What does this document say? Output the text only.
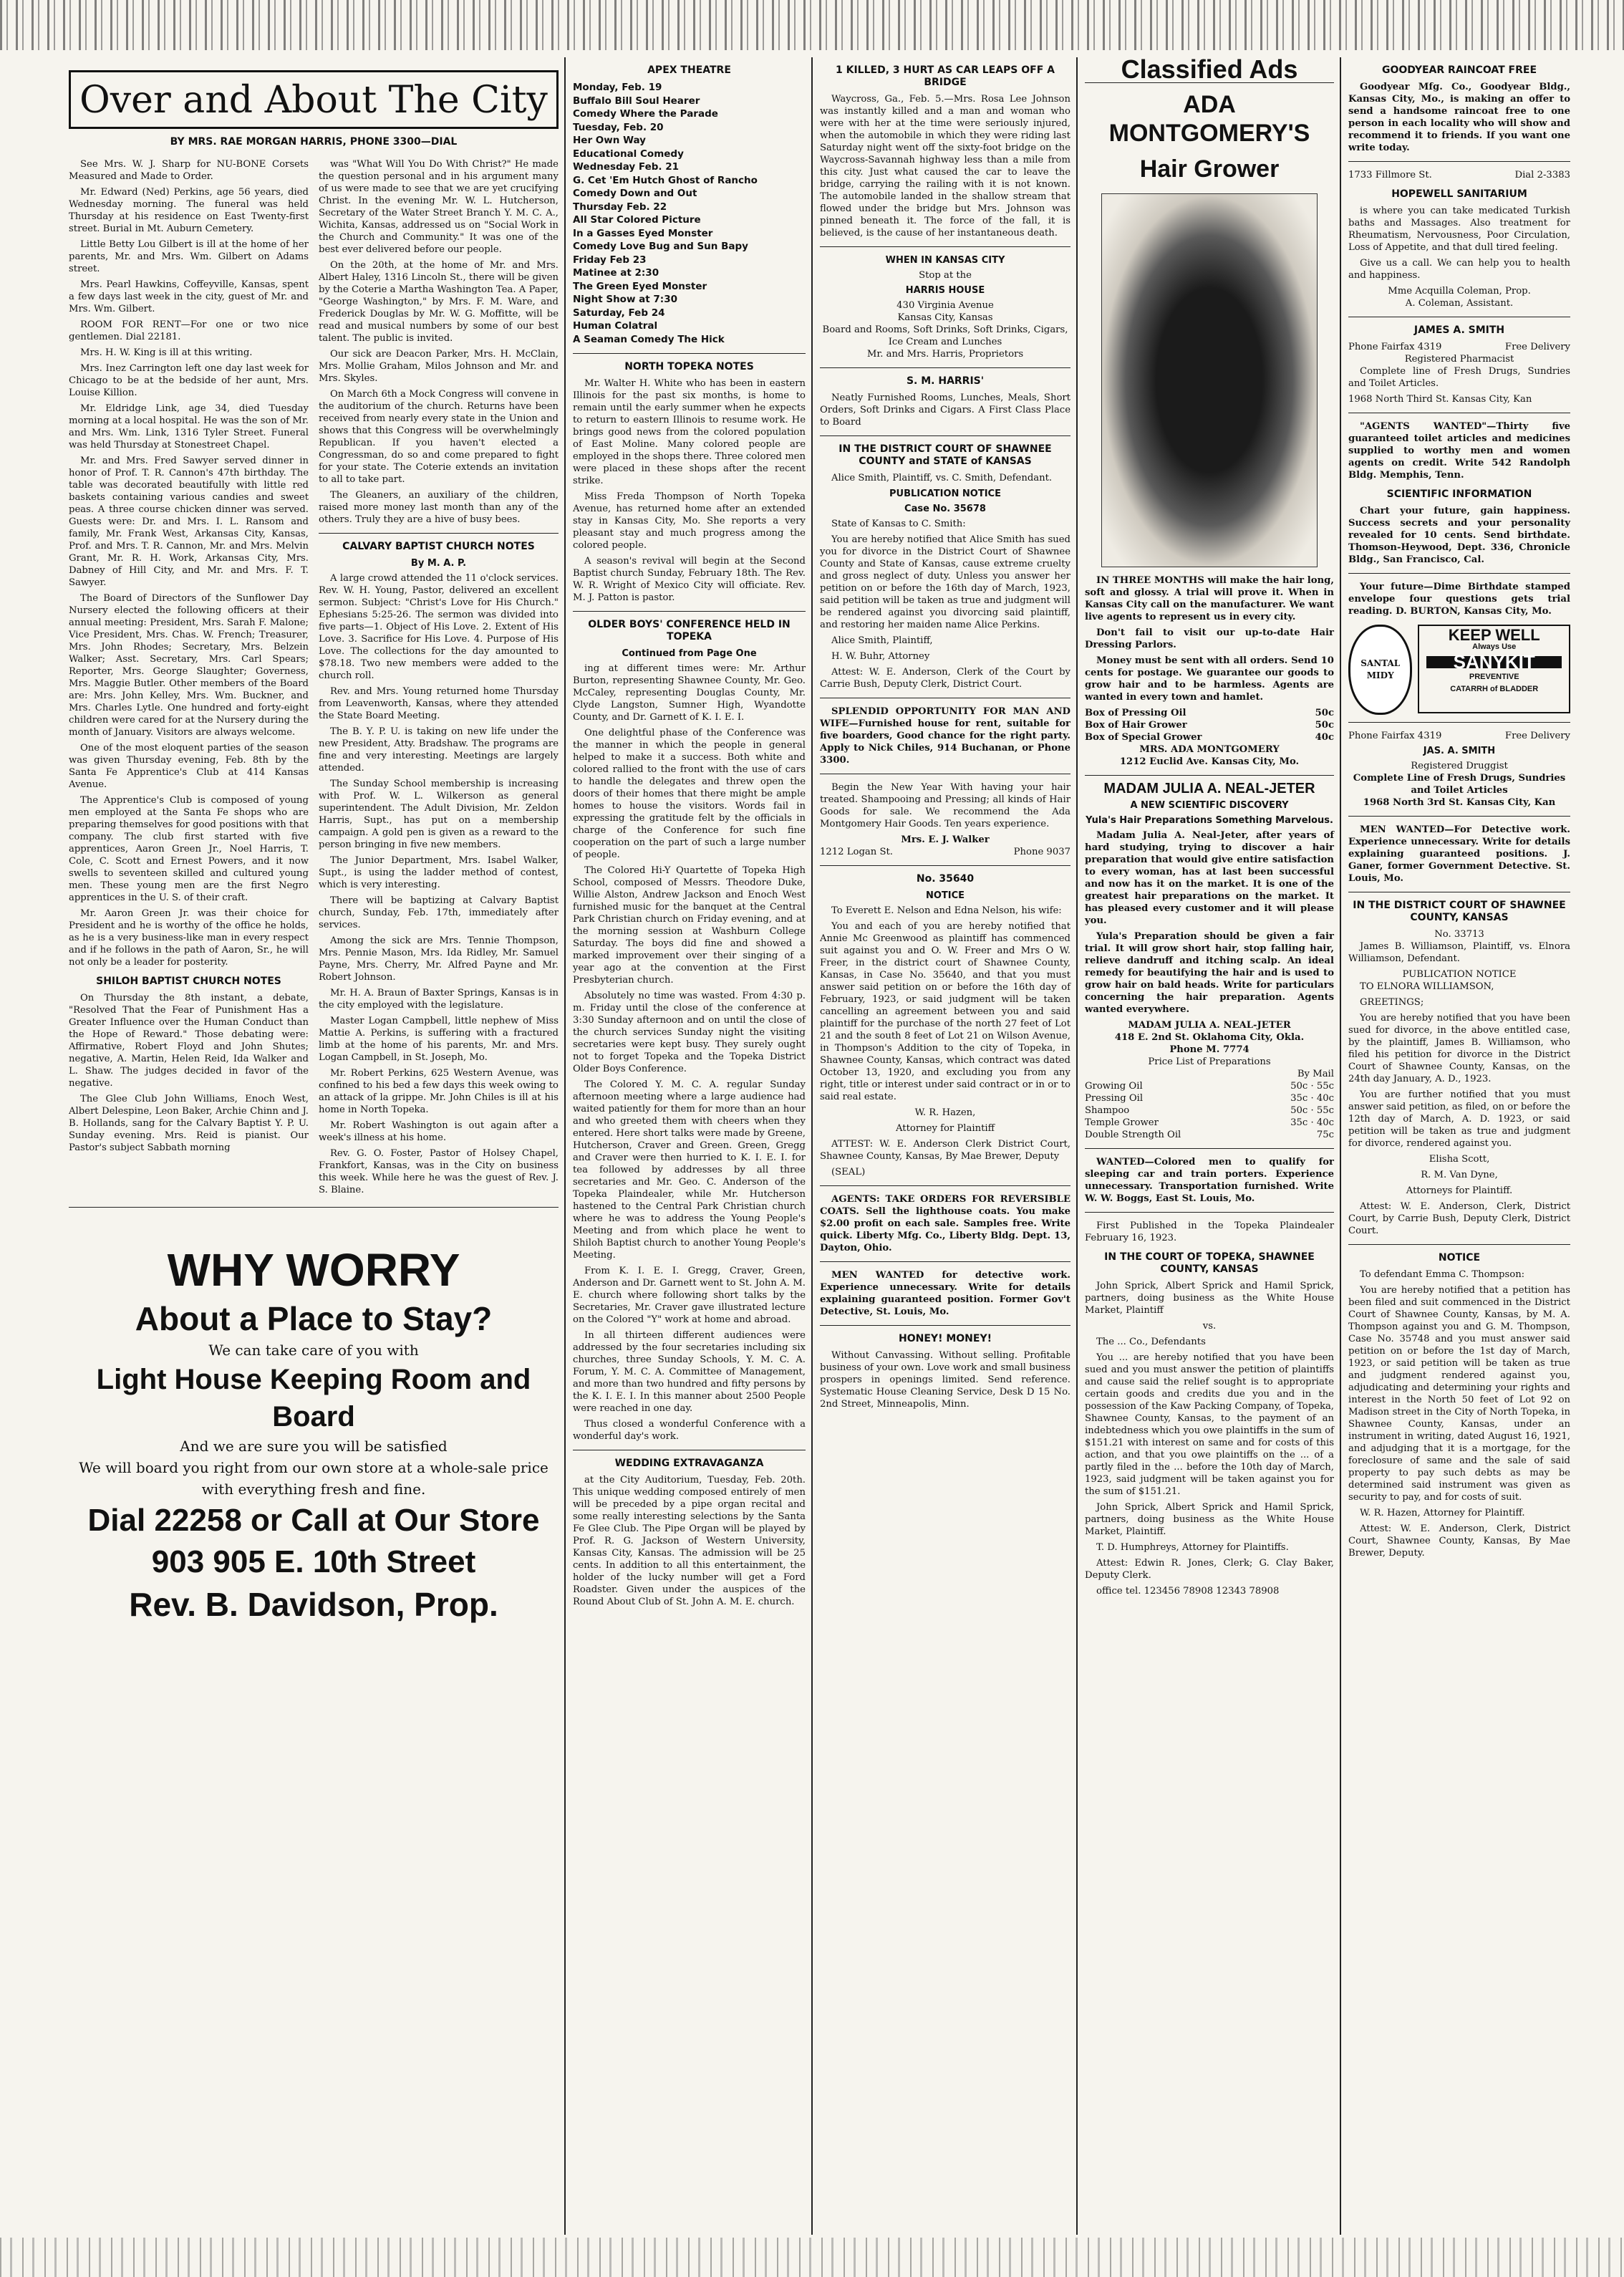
Over and About The City
BY MRS. RAE MORGAN HARRIS, PHONE 3300—DIAL

See Mrs. W. J. Sharp for NU-BONE Corsets Measured and Made to Order.

Mr. Edward (Ned) Perkins, age 56 years, died Wednesday morning. The funeral was held Thursday at his residence on East Twenty-first street. Burial in Mt. Auburn Cemetery.

Little Betty Lou Gilbert is ill at the home of her parents, Mr. and Mrs. Wm. Gilbert on Adams street.

Mrs. Pearl Hawkins, Coffeyville, Kansas, spent a few days last week in the city, guest of Mr. and Mrs. Wm. Gilbert.

ROOM FOR RENT—For one or two nice gentlemen. Dial 22181.

Mrs. H. W. King is ill at this writing.

Mrs. Inez Carrington left one day last week for Chicago to be at the bedside of her aunt, Mrs. Louise Killion.

Mr. Eldridge Link, age 34, died Tuesday morning at a local hospital. He was the son of Mr. and Mrs. Wm. Link, 1316 Tyler Street. Funeral was held Thursday at Stonestreet Chapel.

Mr. and Mrs. Fred Sawyer served dinner in honor of Prof. T. R. Cannon's 47th birthday. The table was decorated beautifully with little red baskets containing various candies and sweet peas. A three course chicken dinner was served. Guests were: Dr. and Mrs. I. L. Ransom and family, Mr. Frank West, Arkansas City, Kansas, Prof. and Mrs. T. R. Cannon, Mr. and Mrs. Melvin Grant, Mr. R. H. Work, Arkansas City, Mrs. Dabney of Hill City, and Mr. and Mrs. F. T. Sawyer.

The Board of Directors of the Sunflower Day Nursery elected the following officers at their annual meeting: President, Mrs. Sarah F. Malone; Vice President, Mrs. Chas. W. French; Treasurer, Mrs. John Rhodes; Secretary, Mrs. Belzein Walker; Asst. Secretary, Mrs. Carl Spears; Reporter, Mrs. George Slaughter; Governess, Mrs. Maggie Butler. Other members of the Board are: Mrs. John Kelley, Mrs. Wm. Buckner, and Mrs. Charles Lytle. One hundred and forty-eight children were cared for at the Nursery during the month of January. Visitors are always welcome.

One of the most eloquent parties of the season was given Thursday evening, Feb. 8th by the Santa Fe Apprentice's Club at 414 Kansas Avenue.

The Apprentice's Club is composed of young men employed at the Santa Fe shops who are preparing themselves for good positions with that company. The club first started with five apprentices, Aaron Green Jr., Noel Harris, T. Cole, C. Scott and Ernest Powers, and it now swells to seventeen skilled and cultured young men. These young men are the first Negro apprentices in the U. S. of their craft.

Mr. Aaron Green Jr. was their choice for President and he is worthy of the office he holds, as he is a very business-like man in every respect and if he follows in the path of Aaron, Sr., he will not only be a leader for posterity.

SHILOH BAPTIST CHURCH NOTES

On Thursday the 8th instant, a debate, "Resolved That the Fear of Punishment Has a Greater Influence over the Human Conduct than the Hope of Reward." Those debating were: Affirmative, Robert Floyd and John Shutes; negative, A. Martin, Helen Reid, Ida Walker and L. Shaw. The judges decided in favor of the negative.

The Glee Club John Williams, Enoch West, Albert Delespine, Leon Baker, Archie Chinn and J. B. Hollands, sang for the Calvary Baptist Y. P. U. Sunday evening. Mrs. Reid is pianist. Our Pastor's subject Sabbath morning

was "What Will You Do With Christ?" He made the question personal and in his argument many of us were made to see that we are yet crucifying Christ. In the evening Mr. W. L. Hutcherson, Secretary of the Water Street Branch Y. M. C. A., Wichita, Kansas, addressed us on "Social Work in the Church and Community." It was one of the best ever delivered before our people.

On the 20th, at the home of Mr. and Mrs. Albert Haley, 1316 Lincoln St., there will be given by the Coterie a Martha Washington Tea. A Paper, "George Washington," by Mrs. F. M. Ware, and Frederick Douglas by Mr. W. G. Moffitte, will be read and musical numbers by some of our best talent. The public is invited.

Our sick are Deacon Parker, Mrs. H. McClain, Mrs. Mollie Graham, Milos Johnson and Mr. and Mrs. Skyles.

On March 6th a Mock Congress will convene in the auditorium of the church. Returns have been received from nearly every state in the Union and shows that this Congress will be overwhelmingly Republican. If you haven't elected a Congressman, do so and come prepared to fight for your state. The Coterie extends an invitation to all to take part.

The Gleaners, an auxiliary of the children, raised more money last month than any of the others. Truly they are a hive of busy bees.

CALVARY BAPTIST CHURCH NOTES
By M. A. P.

A large crowd attended the 11 o'clock services. Rev. W. H. Young, Pastor, delivered an excellent sermon. Subject: "Christ's Love for His Church." Ephesians 5:25-26. The sermon was divided into five parts—1. Object of His Love. 2. Extent of His Love. 3. Sacrifice for His Love. 4. Purpose of His Love. The collections for the day amounted to $78.18. Two new members were added to the church roll.

Rev. and Mrs. Young returned home Thursday from Leavenworth, Kansas, where they attended the State Board Meeting.

The B. Y. P. U. is taking on new life under the new President, Atty. Bradshaw. The programs are fine and very interesting. Meetings are largely attended.

The Sunday School membership is increasing with Prof. W. L. Wilkerson as general superintendent. The Adult Division, Mr. Zeldon Harris, Supt., has put on a membership campaign. A gold pen is given as a reward to the person bringing in five new members.

The Junior Department, Mrs. Isabel Walker, Supt., is using the ladder method of contest, which is very interesting.

There will be baptizing at Calvary Baptist church, Sunday, Feb. 17th, immediately after services.

Among the sick are Mrs. Tennie Thompson, Mrs. Pennie Mason, Mrs. Ida Ridley, Mr. Samuel Payne, Mrs. Cherry, Mr. Alfred Payne and Mr. Robert Johnson.

Mr. H. A. Braun of Baxter Springs, Kansas is in the city employed with the legislature.

Master Logan Campbell, little nephew of Miss Mattie A. Perkins, is suffering with a fractured limb at the home of his parents, Mr. and Mrs. Logan Campbell, in St. Joseph, Mo.

Mr. Robert Perkins, 625 Western Avenue, was confined to his bed a few days this week owing to an attack of la grippe. Mr. John Chiles is ill at his home in North Topeka.

Mr. Robert Washington is out again after a week's illness at his home.

Rev. G. O. Foster, Pastor of Holsey Chapel, Frankfort, Kansas, was in the City on business this week. While here he was the guest of Rev. J. S. Blaine.

WHY WORRY
About a Place to Stay?
We can take care of you with
Light House Keeping Room and Board
And we are sure you will be satisfied
We will board you right from our own store at a whole-sale price with everything fresh and fine.
Dial 22258 or Call at Our Store
903 905 E. 10th Street
Rev. B. Davidson, Prop.
APEX THEATRE
Monday, Feb. 19
Buffalo Bill Soul Hearer
Comedy Where the Parade
Tuesday, Feb. 20
Her Own Way
Educational Comedy
Wednesday Feb. 21
G. Cet 'Em Hutch Ghost of Rancho
Comedy Down and Out
Thursday Feb. 22
All Star Colored Picture
In a Gasses Eyed Monster
Comedy Love Bug and Sun Bapy
Friday Feb 23
Matinee at 2:30
The Green Eyed Monster
Night Show at 7:30
Saturday, Feb 24
Human Colatral
A Seaman Comedy The Hick
NORTH TOPEKA NOTES

Mr. Walter H. White who has been in eastern Illinois for the past six months, is home to remain until the early summer when he expects to return to eastern Illinois to resume work. He brings good news from the colored population of East Moline. Many colored people are employed in the shops there. Three colored men were placed in these shops after the recent strike.

Miss Freda Thompson of North Topeka Avenue, has returned home after an extended stay in Kansas City, Mo. She reports a very pleasant stay and much progress among the colored people.

A season's revival will begin at the Second Baptist church Sunday, February 18th. The Rev. W. R. Wright of Mexico City will officiate. Rev. M. J. Patton is pastor.

OLDER BOYS' CONFERENCE HELD IN TOPEKA
Continued from Page One

ing at different times were: Mr. Arthur Burton, representing Shawnee County, Mr. Geo. McCaley, representing Douglas County, Mr. Clyde Langston, Sumner High, Wyandotte County, and Dr. Garnett of K. I. E. I.

One delightful phase of the Conference was the manner in which the people in general helped to make it a success. Both white and colored rallied to the front with the use of cars to handle the delegates and threw open the doors of their homes that there might be ample homes to house the visitors. Words fail in expressing the gratitude felt by the officials in charge of the Conference for such fine cooperation on the part of such a large number of people.

The Colored Hi-Y Quartette of Topeka High School, composed of Messrs. Theodore Duke, Willie Alston, Andrew Jackson and Enoch West furnished music for the banquet at the Central Park Christian church on Friday evening, and at the morning session at Washburn College Saturday. The boys did fine and showed a marked improvement over their singing of a year ago at the convention at the First Presbyterian church.

Absolutely no time was wasted. From 4:30 p. m. Friday until the close of the conference at 3:30 Sunday afternoon and on until the close of the church services Sunday night the visiting secretaries were kept busy. They surely ought not to forget Topeka and the Topeka District Older Boys Conference.

The Colored Y. M. C. A. regular Sunday afternoon meeting where a large audience had waited patiently for them for more than an hour and who greeted them with cheers when they entered. Here short talks were made by Greene, Hutcherson, Craver and Green. Green, Gregg and Craver were then hurried to K. I. E. I. for tea followed by addresses by all three secretaries and Mr. Geo. C. Anderson of the Topeka Plaindealer, while Mr. Hutcherson hastened to the Central Park Christian church where he was to address the Young People's Meeting and from which place he went to Shiloh Baptist church to another Young People's Meeting.

From K. I. E. I. Gregg, Craver, Green, Anderson and Dr. Garnett went to St. John A. M. E. church where following short talks by the Secretaries, Mr. Craver gave illustrated lecture on the Colored "Y" work at home and abroad.

In all thirteen different audiences were addressed by the four secretaries including six churches, three Sunday Schools, Y. M. C. A. Forum, Y. M. C. A. Committee of Management, and more than two hundred and fifty persons by the K. I. E. I. In this manner about 2500 People were reached in one day.

Thus closed a wonderful Conference with a wonderful day's work.

WEDDING EXTRAVAGANZA

at the City Auditorium, Tuesday, Feb. 20th. This unique wedding composed entirely of men will be preceded by a pipe organ recital and some really interesting selections by the Santa Fe Glee Club. The Pipe Organ will be played by Prof. R. G. Jackson of Western University, Kansas City, Kansas. The admission will be 25 cents. In addition to all this entertainment, the holder of the lucky number will get a Ford Roadster. Given under the auspices of the Round About Club of St. John A. M. E. church.

1 KILLED, 3 HURT AS CAR LEAPS OFF A BRIDGE

Waycross, Ga., Feb. 5.—Mrs. Rosa Lee Johnson was instantly killed and a man and woman who were with her at the time were seriously injured, when the automobile in which they were riding last Saturday night went off the sixty-foot bridge on the Waycross-Savannah highway less than a mile from this city. Just what caused the car to leave the bridge, carrying the railing with it is not known. The automobile landed in the shallow stream that flowed under the bridge but Mrs. Johnson was pinned beneath it. The force of the fall, it is believed, is the cause of her instantaneous death.

WHEN IN KANSAS CITY
Stop at the
HARRIS HOUSE
430 Virginia Avenue
Kansas City, Kansas
Board and Rooms, Soft Drinks, Soft Drinks, Cigars, Ice Cream and Lunches
Mr. and Mrs. Harris, Proprietors
S. M. HARRIS'

Neatly Furnished Rooms, Lunches, Meals, Short Orders, Soft Drinks and Cigars. A First Class Place to Board

IN THE DISTRICT COURT OF SHAWNEE COUNTY and STATE of KANSAS

Alice Smith, Plaintiff, vs. C. Smith, Defendant.

PUBLICATION NOTICE
Case No. 35678

State of Kansas to C. Smith:

You are hereby notified that Alice Smith has sued you for divorce in the District Court of Shawnee County and State of Kansas, cause extreme cruelty and gross neglect of duty. Unless you answer her petition on or before the 16th day of March, 1923, said petition will be taken as true and judgment will be rendered against you divorcing said plaintiff, and restoring her maiden name Alice Perkins.

Alice Smith, Plaintiff,

H. W. Buhr, Attorney

Attest: W. E. Anderson, Clerk of the Court by Carrie Bush, Deputy Clerk, District Court.

SPLENDID OPPORTUNITY FOR MAN AND WIFE—Furnished house for rent, suitable for five boarders, Good chance for the right party. Apply to Nick Chiles, 914 Buchanan, or Phone 3300.

Begin the New Year With having your hair treated. Shampooing and Pressing; all kinds of Hair Goods for sale. We recommend the Ada Montgomery Hair Goods. Ten years experience.

Mrs. E. J. Walker
1212 Logan St.	Phone 9037
No. 35640
NOTICE

To Everett E. Nelson and Edna Nelson, his wife:

You and each of you are hereby notified that Annie Mc Greenwood as plaintiff has commenced suit against you and O. W. Freer and Mrs O W. Freer, in the district court of Shawnee County, Kansas, in Case No. 35640, and that you must answer said petition on or before the 16th day of February, 1923, or said judgment will be taken cancelling an agreement between you and said plaintiff for the purchase of the north 27 feet of Lot 21 and the south 8 feet of Lot 21 on Wilson Avenue, in Thompson's Addition to the city of Topeka, in Shawnee County, Kansas, which contract was dated October 13, 1920, and excluding you from any right, title or interest under said contract or in or to said real estate.

W. R. Hazen,

Attorney for Plaintiff

ATTEST: W. E. Anderson Clerk District Court, Shawnee County, Kansas, By Mae Brewer, Deputy

(SEAL)

AGENTS: TAKE ORDERS FOR REVERSIBLE COATS. Sell the lighthouse coats. You make $2.00 profit on each sale. Samples free. Write quick. Liberty Mfg. Co., Liberty Bldg. Dept. 13, Dayton, Ohio.

MEN WANTED for detective work. Experience unnecessary. Write for details explaining guaranteed position. Former Gov't Detective, St. Louis, Mo.

HONEY! MONEY!

Without Canvassing. Without selling. Profitable business of your own. Love work and small business prospers in openings limited. Send reference. Systematic House Cleaning Service, Desk D 15 No. 2nd Street, Minneapolis, Minn.

Classified Ads
ADA MONTGOMERY'S
Hair Grower

IN THREE MONTHS will make the hair long, soft and glossy. A trial will prove it. When in Kansas City call on the manufacturer. We want live agents to represent us in every city.

Don't fail to visit our up-to-date Hair Dressing Parlors.

Money must be sent with all orders. Send 10 cents for postage. We guarantee our goods to grow hair and to be harmless. Agents are wanted in every town and hamlet.

Box of Pressing Oil	50c
Box of Hair Grower	50c
Box of Special Grower	40c
MRS. ADA MONTGOMERY
1212 Euclid Ave. Kansas City, Mo.
MADAM JULIA A. NEAL-JETER
A NEW SCIENTIFIC DISCOVERY
Yula's Hair Preparations Something Marvelous.

Madam Julia A. Neal-Jeter, after years of hard studying, trying to discover a hair preparation that would give entire satisfaction to every woman, has at last been successful and now has it on the market. It is one of the greatest hair preparations on the market. It has pleased every customer and it will please you.

Yula's Preparation should be given a fair trial. It will grow short hair, stop falling hair, relieve dandruff and itching scalp. An ideal remedy for beautifying the hair and is used to grow hair on bald heads. Write for particulars concerning the hair preparation. Agents wanted everywhere.

MADAM JULIA A. NEAL-JETER
418 E. 2nd St. Oklahoma City, Okla.
Phone M. 7774
Price List of Preparations
By Mail
Growing Oil	50c · 55c
Pressing Oil	35c · 40c
Shampoo	50c · 55c
Temple Grower	35c · 40c
Double Strength Oil	75c

WANTED—Colored men to qualify for sleeping car and train porters. Experience unnecessary. Transportation furnished. Write W. W. Boggs, East St. Louis, Mo.

First Published in the Topeka Plaindealer February 16, 1923.

IN THE COURT OF TOPEKA, SHAWNEE COUNTY, KANSAS

John Sprick, Albert Sprick and Hamil Sprick, partners, doing business as the White House Market, Plaintiff

vs.

The ... Co., Defendants

You ... are hereby notified that you have been sued and you must answer the petition of plaintiffs and cause said the relief sought is to appropriate certain goods and credits due you and in the possession of the Kaw Packing Company, of Topeka, Shawnee County, Kansas, to the payment of an indebtedness which you owe plaintiffs in the sum of $151.21 with interest on same and for costs of this action, and that you owe plaintiffs on the ... of a partly filed in the ... before the 10th day of March, 1923, said judgment will be taken against you for the sum of $151.21.

John Sprick, Albert Sprick and Hamil Sprick, partners, doing business as the White House Market, Plaintiff.

T. D. Humphreys, Attorney for Plaintiffs.

Attest: Edwin R. Jones, Clerk; G. Clay Baker, Deputy Clerk.

office tel. 123456 78908 12343 78908

GOODYEAR RAINCOAT FREE

Goodyear Mfg. Co., Goodyear Bldg., Kansas City, Mo., is making an offer to send a handsome raincoat free to one person in each locality who will show and recommend it to friends. If you want one write today.

1733 Fillmore St.	Dial 2-3383
HOPEWELL SANITARIUM

is where you can take medicated Turkish baths and Massages. Also treatment for Rheumatism, Nervousness, Poor Circulation, Loss of Appetite, and that dull tired feeling.

Give us a call. We can help you to health and happiness.

Mme Acquilla Coleman, Prop.
A. Coleman, Assistant.
JAMES A. SMITH
Phone Fairfax 4319	Free Delivery
Registered Pharmacist

Complete line of Fresh Drugs, Sundries and Toilet Articles.

1968 North Third St. Kansas City, Kan

"AGENTS WANTED"—Thirty five guaranteed toilet articles and medicines supplied to worthy men and women agents on credit. Write 542 Randolph Bldg. Memphis, Tenn.

SCIENTIFIC INFORMATION

Chart your future, gain happiness. Success secrets and your personality revealed for 10 cents. Send birthdate. Thomson-Heywood, Dept. 336, Chronicle Bldg., San Francisco, Cal.

Your future—Dime Birthdate stamped envelope four questions gets trial reading. D. BURTON, Kansas City, Mo.

SANTAL MIDY
KEEP WELL
Always Use
SANYKIT
PREVENTIVE
CATARRH of BLADDER
Phone Fairfax 4319	Free Delivery
JAS. A. SMITH
Registered Druggist
Complete Line of Fresh Drugs, Sundries and Toilet Articles
1968 North 3rd St. Kansas City, Kan

MEN WANTED—For Detective work. Experience unnecessary. Write for details explaining guaranteed positions. J. Ganer, former Government Detective. St. Louis, Mo.

IN THE DISTRICT COURT OF SHAWNEE COUNTY, KANSAS
No. 33713

James B. Williamson, Plaintiff, vs. Elnora Williamson, Defendant.

PUBLICATION NOTICE

TO ELNORA WILLIAMSON,

GREETINGS;

You are hereby notified that you have been sued for divorce, in the above entitled case, by the plaintiff, James B. Williamson, who filed his petition for divorce in the District Court of Shawnee County, Kansas, on the 24th day January, A. D., 1923.

You are further notified that you must answer said petition, as filed, on or before the 12th day of March, A. D. 1923, or said petition will be taken as true and judgment for divorce, rendered against you.

Elisha Scott,

R. M. Van Dyne,

Attorneys for Plaintiff.

Attest: W. E. Anderson, Clerk, District Court, by Carrie Bush, Deputy Clerk, District Court.

NOTICE

To defendant Emma C. Thompson:

You are hereby notified that a petition has been filed and suit commenced in the District Court of Shawnee County, Kansas, by M. A. Thompson against you and G. M. Thompson, Case No. 35748 and you must answer said petition on or before the 1st day of March, 1923, or said petition will be taken as true and judgment rendered against you, adjudicating and determining your rights and interest in the North 50 feet of Lot 92 on Madison street in the City of North Topeka, in Shawnee County, Kansas, under an instrument in writing, dated August 16, 1921, and adjudging that it is a mortgage, for the foreclosure of same and the sale of said property to pay such debts as may be determined said instrument was given as security to pay, and for costs of suit.

W. R. Hazen, Attorney for Plaintiff.

Attest: W. E. Anderson, Clerk, District Court, Shawnee County, Kansas, By Mae Brewer, Deputy.
